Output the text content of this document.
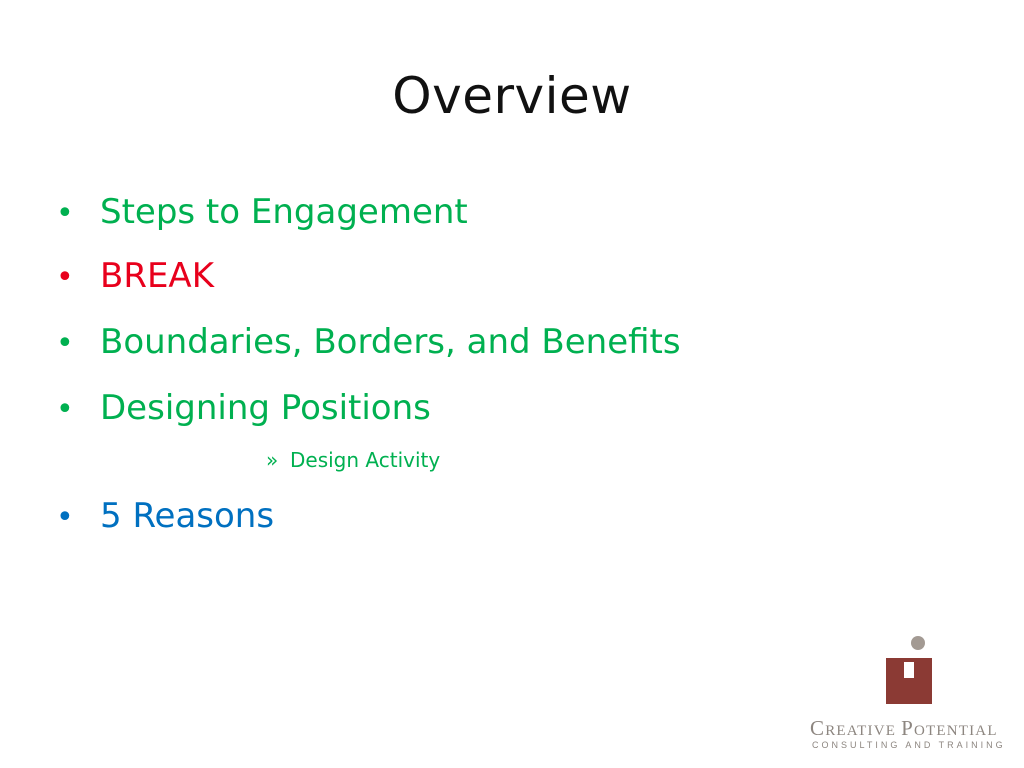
Overview
• Steps to Engagement
• BREAK
• Boundaries, Borders, and Benefits
• Designing Positions
» Design Activity
• 5 Reasons
CREATIVE POTENTIAL
CONSULTING AND TRAINING
